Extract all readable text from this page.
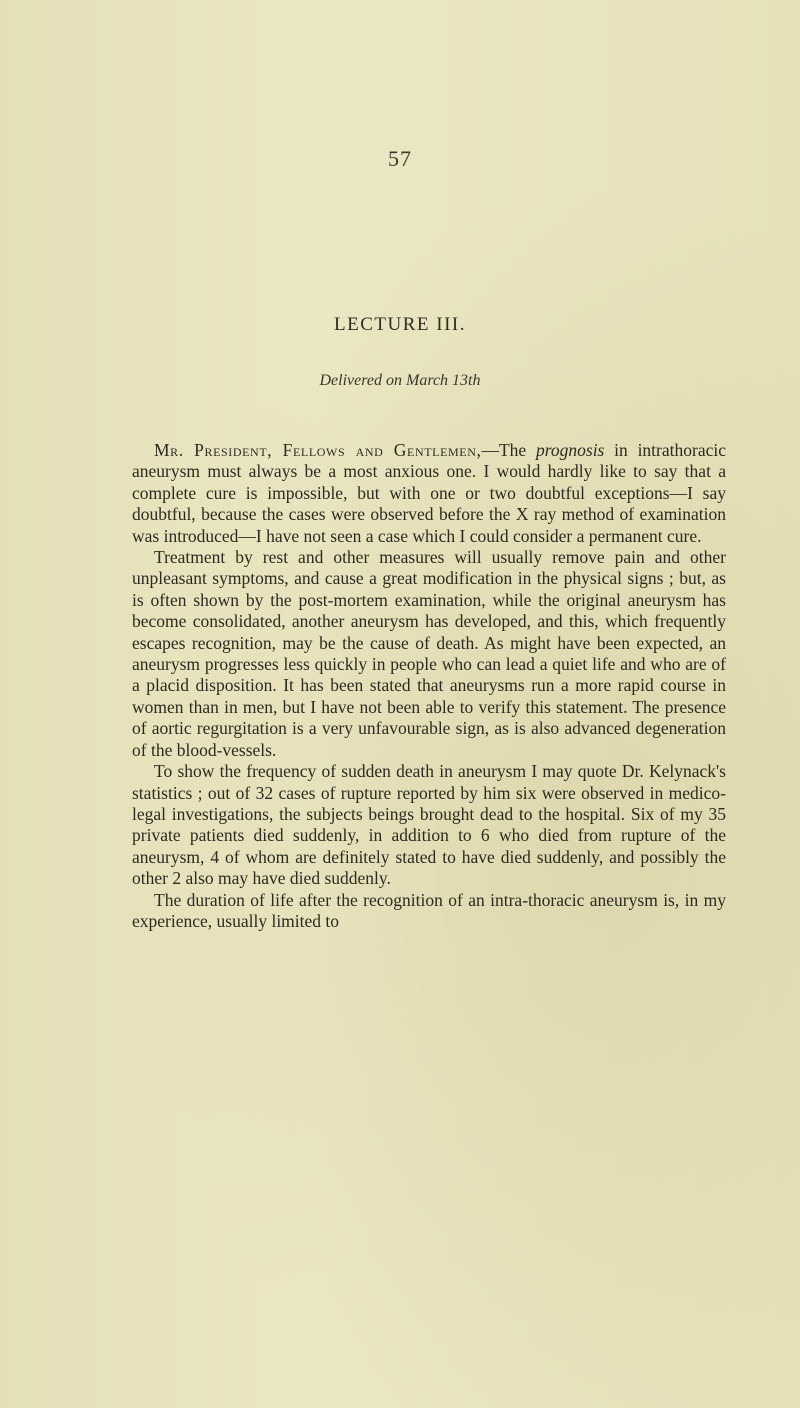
57
LECTURE III.
Delivered on March 13th

Mr. President, Fellows and Gentlemen,—The prognosis in intrathoracic aneurysm must always be a most anxious one. I would hardly like to say that a complete cure is impossible, but with one or two doubtful exceptions—I say doubtful, because the cases were observed before the X ray method of examination was introduced—I have not seen a case which I could consider a permanent cure.

Treatment by rest and other measures will usually remove pain and other unpleasant symptoms, and cause a great modification in the physical signs ; but, as is often shown by the post-mortem examination, while the original aneurysm has become consolidated, another aneurysm has developed, and this, which frequently escapes recognition, may be the cause of death. As might have been expected, an aneurysm progresses less quickly in people who can lead a quiet life and who are of a placid disposition. It has been stated that aneurysms run a more rapid course in women than in men, but I have not been able to verify this statement. The presence of aortic regurgitation is a very unfavourable sign, as is also advanced degeneration of the blood-vessels.

To show the frequency of sudden death in aneurysm I may quote Dr. Kelynack's statistics ; out of 32 cases of rupture reported by him six were observed in medico-legal investigations, the subjects beings brought dead to the hospital. Six of my 35 private patients died suddenly, in addition to 6 who died from rupture of the aneurysm, 4 of whom are definitely stated to have died suddenly, and possibly the other 2 also may have died suddenly.

The duration of life after the recognition of an intra-thoracic aneurysm is, in my experience, usually limited to
